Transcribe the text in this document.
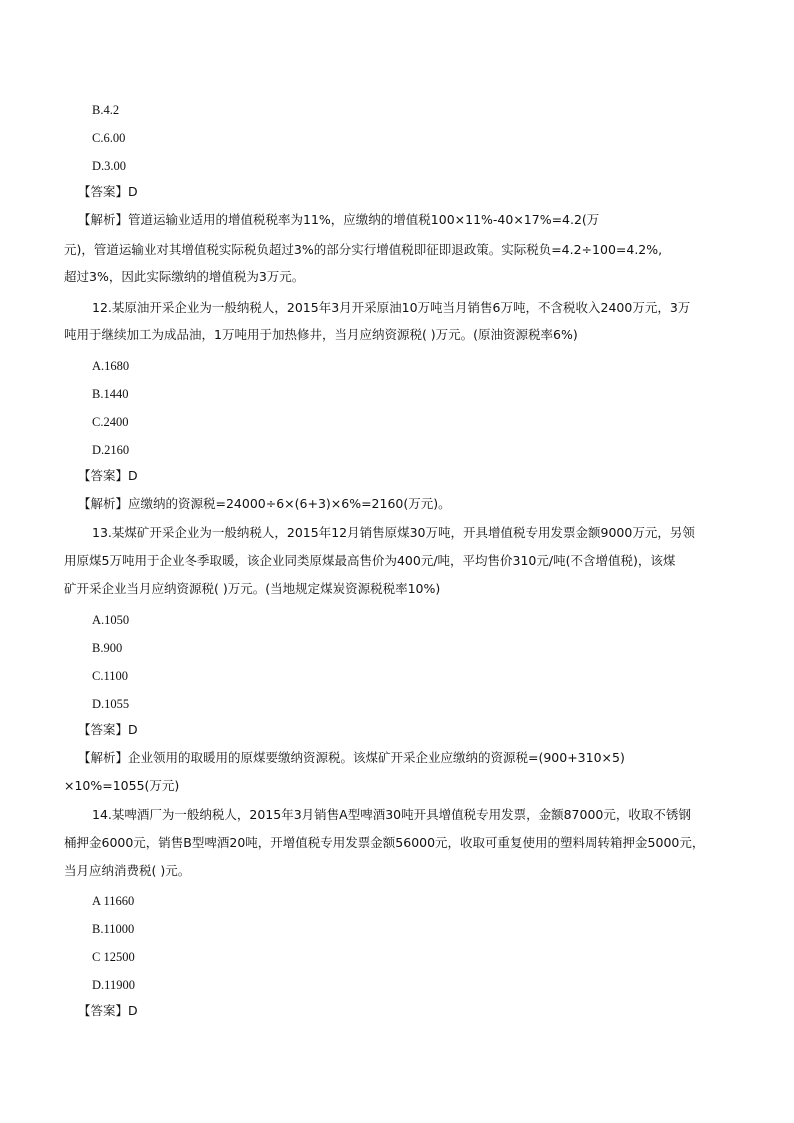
B.4.2
C.6.00
D.3.00
【答案】D
【解析】管道运输业适用的增值税税率为11%，应缴纳的增值税100×11%-40×17%=4.2(万
元)，管道运输业对其增值税实际税负超过3%的部分实行增值税即征即退政策。实际税负=4.2÷100=4.2%,
超过3%，因此实际缴纳的增值税为3万元。
12.某原油开采企业为一般纳税人，2015年3月开采原油10万吨当月销售6万吨，不含税收入2400万元，3万
吨用于继续加工为成品油，1万吨用于加热修井，当月应纳资源税( )万元。(原油资源税率6%)
A.1680
B.1440
C.2400
D.2160
【答案】D
【解析】应缴纳的资源税=24000÷6×(6+3)×6%=2160(万元)。
13.某煤矿开采企业为一般纳税人，2015年12月销售原煤30万吨，开具增值税专用发票金额9000万元，另领
用原煤5万吨用于企业冬季取暖，该企业同类原煤最高售价为400元/吨，平均售价310元/吨(不含增值税)，该煤
矿开采企业当月应纳资源税( )万元。(当地规定煤炭资源税税率10%)
A.1050
B.900
C.1100
D.1055
【答案】D
【解析】企业领用的取暖用的原煤要缴纳资源税。该煤矿开采企业应缴纳的资源税=(900+310×5)
×10%=1055(万元)
14.某啤酒厂为一般纳税人，2015年3月销售A型啤酒30吨开具增值税专用发票，金额87000元，收取不锈钢
桶押金6000元，销售B型啤酒20吨，开增值税专用发票金额56000元，收取可重复使用的塑料周转箱押金5000元，
当月应纳消费税( )元。
A 11660
B.11000
C 12500
D.11900
【答案】D
